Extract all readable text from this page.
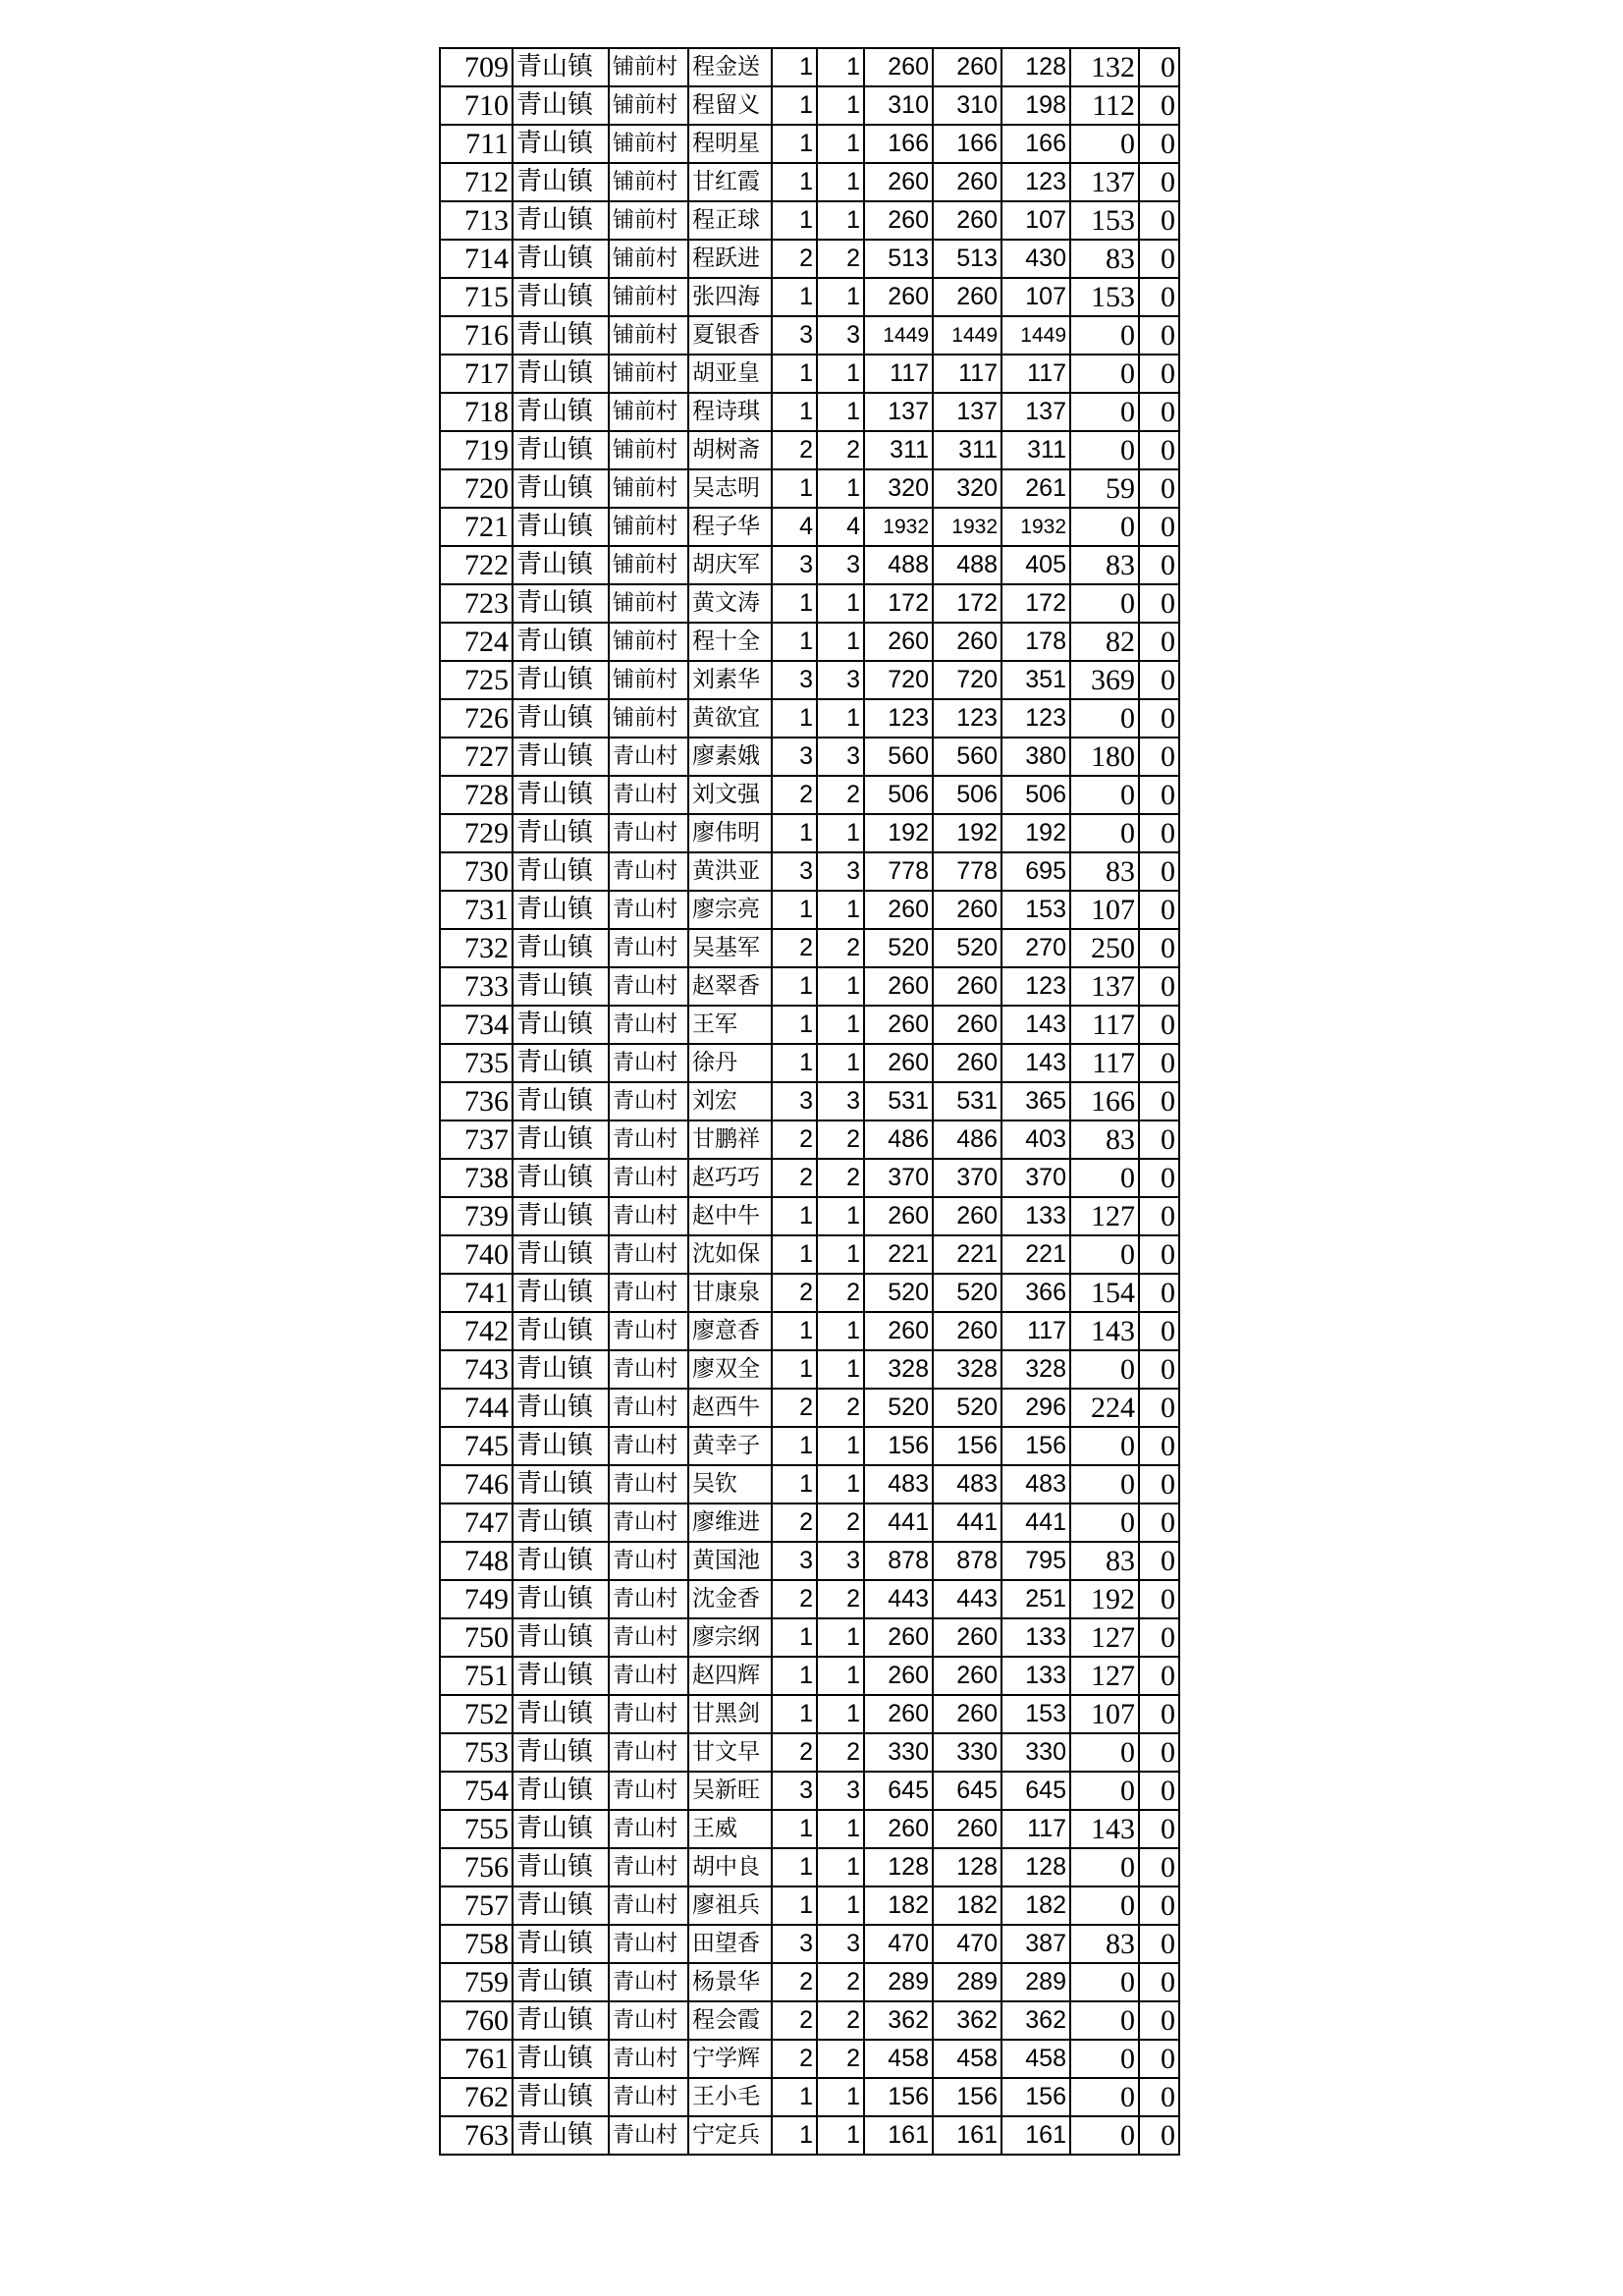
709	青山镇	铺前村	程金送	1	1	260	260	128	132	0
710	青山镇	铺前村	程留义	1	1	310	310	198	112	0
711	青山镇	铺前村	程明星	1	1	166	166	166	0	0
712	青山镇	铺前村	甘红霞	1	1	260	260	123	137	0
713	青山镇	铺前村	程正球	1	1	260	260	107	153	0
714	青山镇	铺前村	程跃进	2	2	513	513	430	83	0
715	青山镇	铺前村	张四海	1	1	260	260	107	153	0
716	青山镇	铺前村	夏银香	3	3	1449	1449	1449	0	0
717	青山镇	铺前村	胡亚皇	1	1	117	117	117	0	0
718	青山镇	铺前村	程诗琪	1	1	137	137	137	0	0
719	青山镇	铺前村	胡树斋	2	2	311	311	311	0	0
720	青山镇	铺前村	吴志明	1	1	320	320	261	59	0
721	青山镇	铺前村	程子华	4	4	1932	1932	1932	0	0
722	青山镇	铺前村	胡庆军	3	3	488	488	405	83	0
723	青山镇	铺前村	黄文涛	1	1	172	172	172	0	0
724	青山镇	铺前村	程十全	1	1	260	260	178	82	0
725	青山镇	铺前村	刘素华	3	3	720	720	351	369	0
726	青山镇	铺前村	黄欲宜	1	1	123	123	123	0	0
727	青山镇	青山村	廖素娥	3	3	560	560	380	180	0
728	青山镇	青山村	刘文强	2	2	506	506	506	0	0
729	青山镇	青山村	廖伟明	1	1	192	192	192	0	0
730	青山镇	青山村	黄洪亚	3	3	778	778	695	83	0
731	青山镇	青山村	廖宗亮	1	1	260	260	153	107	0
732	青山镇	青山村	吴基军	2	2	520	520	270	250	0
733	青山镇	青山村	赵翠香	1	1	260	260	123	137	0
734	青山镇	青山村	王军	1	1	260	260	143	117	0
735	青山镇	青山村	徐丹	1	1	260	260	143	117	0
736	青山镇	青山村	刘宏	3	3	531	531	365	166	0
737	青山镇	青山村	甘鹏祥	2	2	486	486	403	83	0
738	青山镇	青山村	赵巧巧	2	2	370	370	370	0	0
739	青山镇	青山村	赵中牛	1	1	260	260	133	127	0
740	青山镇	青山村	沈如保	1	1	221	221	221	0	0
741	青山镇	青山村	甘康泉	2	2	520	520	366	154	0
742	青山镇	青山村	廖意香	1	1	260	260	117	143	0
743	青山镇	青山村	廖双全	1	1	328	328	328	0	0
744	青山镇	青山村	赵西牛	2	2	520	520	296	224	0
745	青山镇	青山村	黄幸子	1	1	156	156	156	0	0
746	青山镇	青山村	吴钦	1	1	483	483	483	0	0
747	青山镇	青山村	廖维进	2	2	441	441	441	0	0
748	青山镇	青山村	黄国池	3	3	878	878	795	83	0
749	青山镇	青山村	沈金香	2	2	443	443	251	192	0
750	青山镇	青山村	廖宗纲	1	1	260	260	133	127	0
751	青山镇	青山村	赵四辉	1	1	260	260	133	127	0
752	青山镇	青山村	甘黑剑	1	1	260	260	153	107	0
753	青山镇	青山村	甘文早	2	2	330	330	330	0	0
754	青山镇	青山村	吴新旺	3	3	645	645	645	0	0
755	青山镇	青山村	王威	1	1	260	260	117	143	0
756	青山镇	青山村	胡中良	1	1	128	128	128	0	0
757	青山镇	青山村	廖祖兵	1	1	182	182	182	0	0
758	青山镇	青山村	田望香	3	3	470	470	387	83	0
759	青山镇	青山村	杨景华	2	2	289	289	289	0	0
760	青山镇	青山村	程会霞	2	2	362	362	362	0	0
761	青山镇	青山村	宁学辉	2	2	458	458	458	0	0
762	青山镇	青山村	王小毛	1	1	156	156	156	0	0
763	青山镇	青山村	宁定兵	1	1	161	161	161	0	0
